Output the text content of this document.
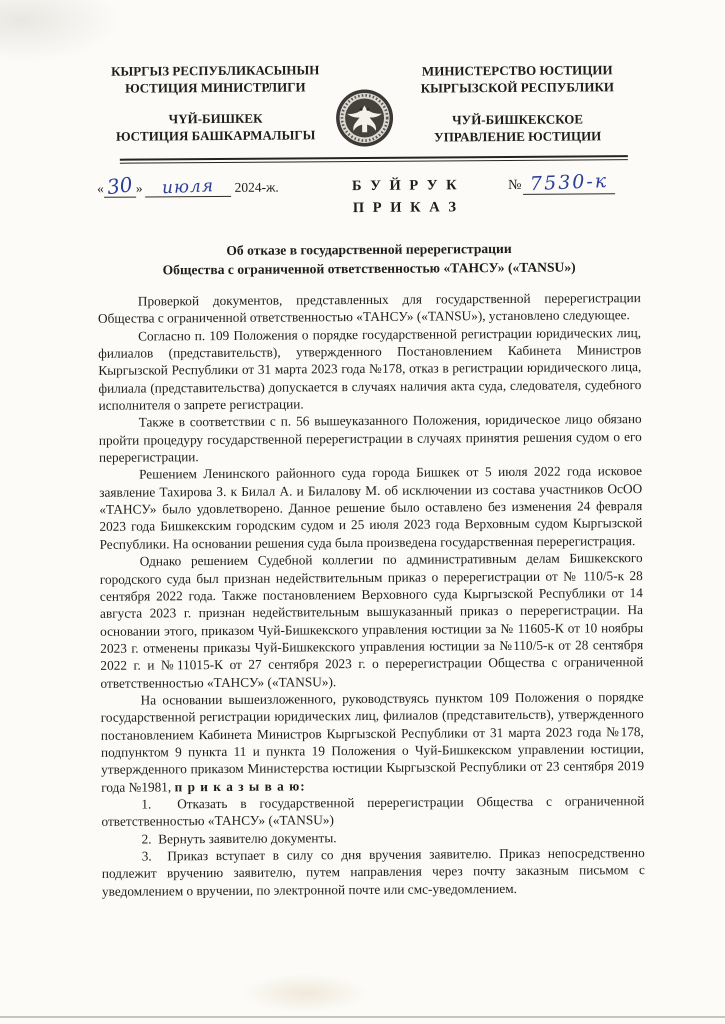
КЫРГЫЗ РЕСПУБЛИКАСЫНЫН
ЮСТИЦИЯ МИНИСТРЛИГИ
ЧҮЙ-БИШКЕК
ЮСТИЦИЯ БАШКАРМАЛЫГЫ
МИНИСТЕРСТВО ЮСТИЦИИ
КЫРГЫЗСКОЙ РЕСПУБЛИКИ
ЧУЙ-БИШКЕКСКОЕ
УПРАВЛЕНИЕ ЮСТИЦИИ
«30 » июля 2024-ж.	Б У Й Р У К
П Р И К А З
№ 7530-к
Об отказе в государственной перерегистрации
Общества с ограниченной ответственностью «ТАНСУ» («TANSU»)

Проверкой документов, представленных для государственной перерегистрации Общества с ограниченной ответственностью «ТАНСУ» («TANSU»), установлено следующее.

Согласно п. 109 Положения о порядке государственной регистрации юридических лиц, филиалов (представительств), утвержденного Постановлением Кабинета Министров Кыргызской Республики от 31 марта 2023 года №178, отказ в регистрации юридического лица, филиала (представительства) допускается в случаях наличия акта суда, следователя, судебного исполнителя о запрете регистрации.

Также в соответствии с п. 56 вышеуказанного Положения, юридическое лицо обязано пройти процедуру государственной перерегистрации в случаях принятия решения судом о его перерегистрации.

Решением Ленинского районного суда города Бишкек от 5 июля 2022 года исковое заявление Тахирова З. к Билал А. и Билалову М. об исключении из состава участников ОсОО «ТАНСУ» было удовлетворено. Данное решение было оставлено без изменения 24 февраля 2023 года Бишкекским городским судом и 25 июля 2023 года Верховным судом Кыргызской Республики. На основании решения суда была произведена государственная перерегистрация.

Однако решением Судебной коллегии по административным делам Бишкекского городского суда был признан недействительным приказ о перерегистрации от № 110/5-к 28 сентября 2022 года. Также постановлением Верховного суда Кыргызской Республики от 14 августа 2023 г. признан недействительным вышуказанный приказ о перерегистрации. На основании этого, приказом Чуй-Бишкекского управления юстиции за № 11605-К от 10 ноябры 2023 г. отменены приказы Чуй-Бишкекского управления юстиции за №110/5-к от 28 сентября 2022 г. и №11015-К от 27 сентября 2023 г. о перерегистрации Общества с ограниченной ответственностью «ТАНСУ» («TANSU»).

На основании вышеизложенного, руководствуясь пунктом 109 Положения о порядке государственной регистрации юридических лиц, филиалов (представительств), утвержденного постановлением Кабинета Министров Кыргызской Республики от 31 марта 2023 года №178, подпунктом 9 пункта 11 и пункта 19 Положения о Чуй-Бишкекском управлении юстиции, утвержденного приказом Министерства юстиции Кыргызской Республики от 23 сентября 2019 года №1981, п р и к а з ы в а ю:

1. Отказать в государственной перерегистрации Общества с ограниченной ответственностью «ТАНСУ» («TANSU»)

2. Вернуть заявителю документы.

3. Приказ вступает в силу со дня вручения заявителю. Приказ непосредственно подлежит вручению заявителю, путем направления через почту заказным письмом с уведомлением о вручении, по электронной почте или смс-уведомлением.
